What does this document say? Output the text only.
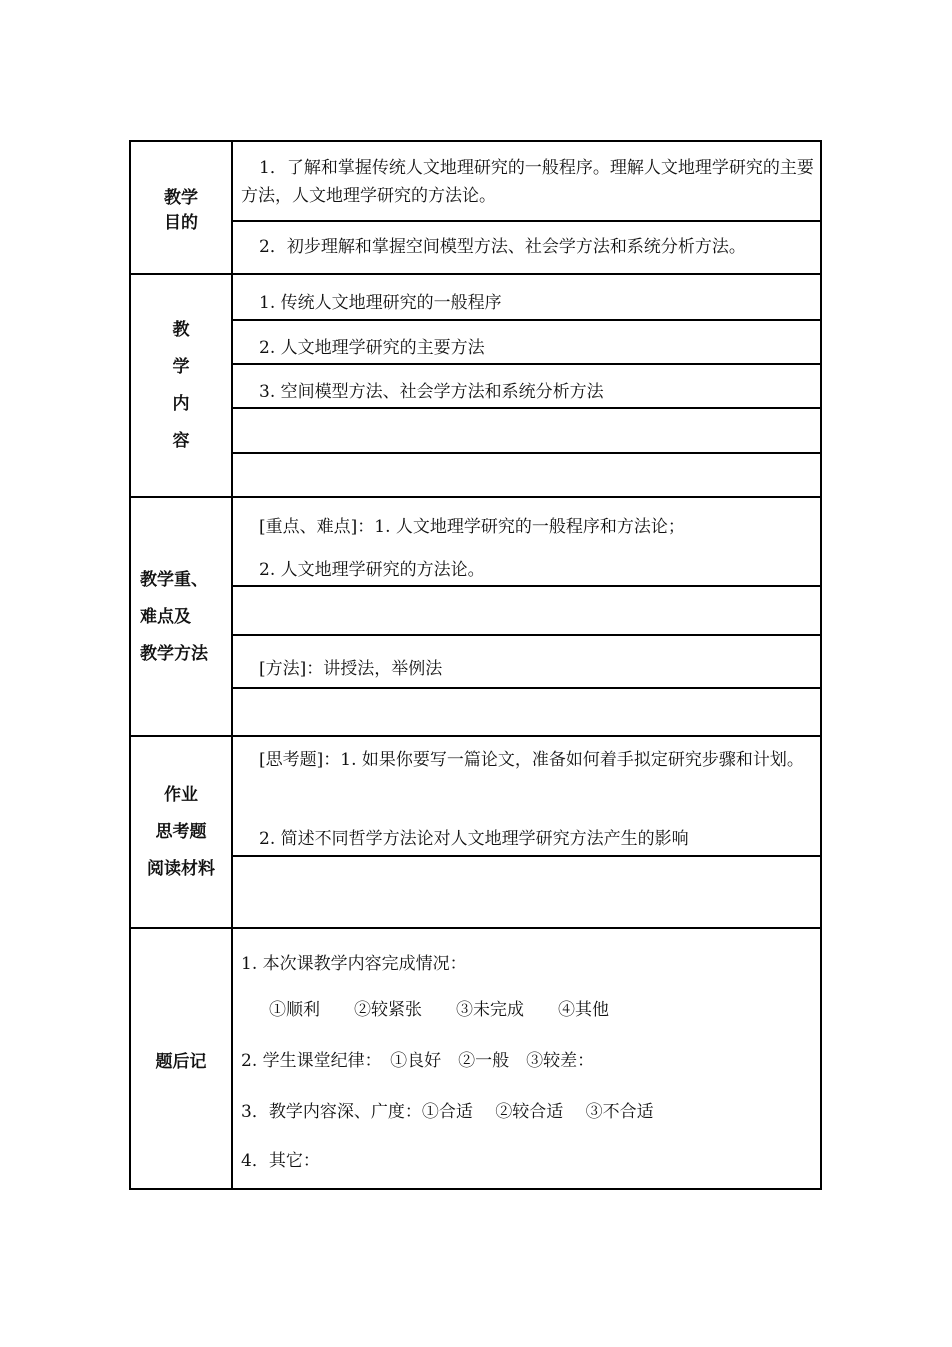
教学
目的
1．了解和掌握传统人文地理研究的一般程序。理解人文地理学研究的主要方法，人文地理学研究的方法论。
2．初步理解和掌握空间模型方法、社会学方法和系统分析方法。
教
学
内
容
1. 传统人文地理研究的一般程序
2. 人文地理学研究的主要方法
3. 空间模型方法、社会学方法和系统分析方法
教学重、
难点及
教学方法
[重点、难点]：1. 人文地理学研究的一般程序和方法论；
2. 人文地理学研究的方法论。
[方法]：讲授法，举例法
作业
思考题
阅读材料
[思考题]：1. 如果你要写一篇论文，准备如何着手拟定研究步骤和计划。
2. 简述不同哲学方法论对人文地理学研究方法产生的影响
题后记
1. 本次课教学内容完成情况：
①顺利　　②较紧张　　③未完成　　④其他
2. 学生课堂纪律：　①良好　②一般　③较差：
3．教学内容深、广度：①合适　 ②较合适　 ③不合适
4．其它：
